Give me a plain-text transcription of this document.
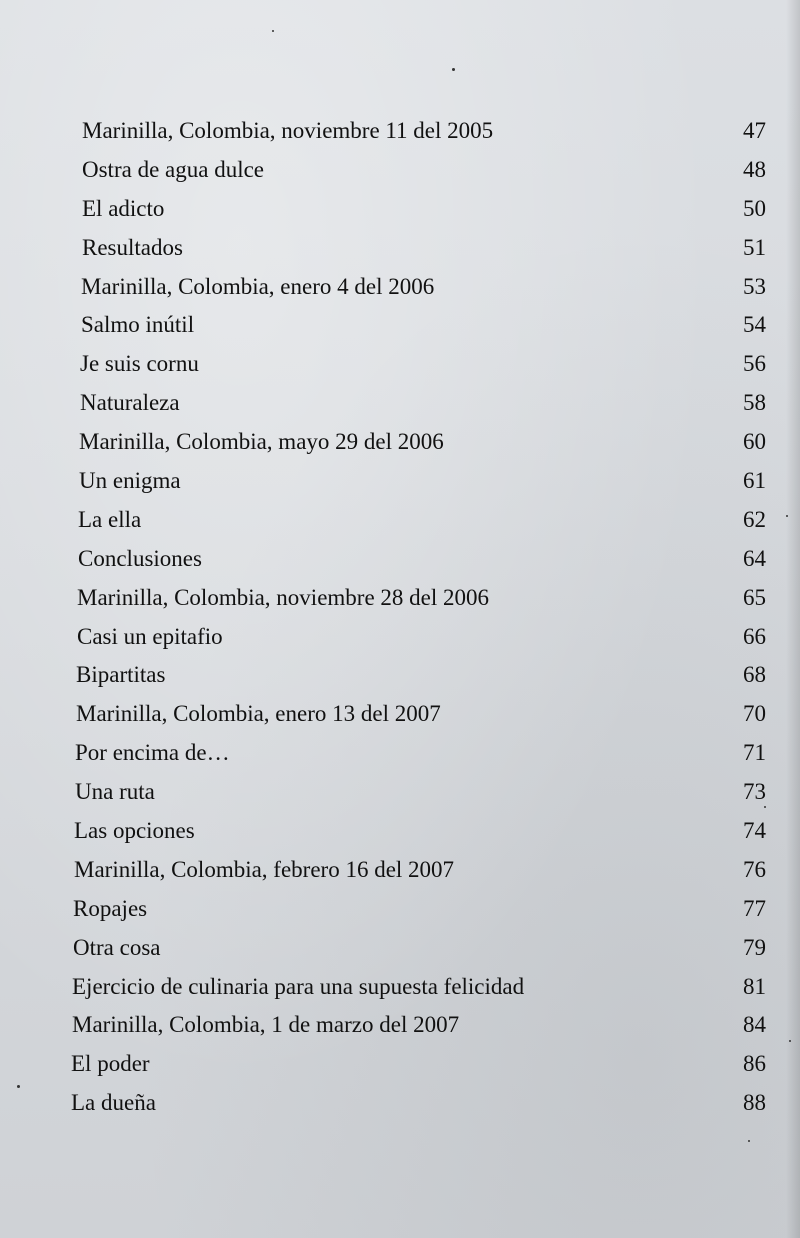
Marinilla, Colombia, noviembre 11 del 2005	47
Ostra de agua dulce	48
El adicto	50
Resultados	51
Marinilla, Colombia, enero 4 del 2006	53
Salmo inútil	54
Je suis cornu	56
Naturaleza	58
Marinilla, Colombia, mayo 29 del 2006	60
Un enigma	61
La ella	62
Conclusiones	64
Marinilla, Colombia, noviembre 28 del 2006	65
Casi un epitafio	66
Bipartitas	68
Marinilla, Colombia, enero 13 del 2007	70
Por encima de…	71
Una ruta	73
Las opciones	74
Marinilla, Colombia, febrero 16 del 2007	76
Ropajes	77
Otra cosa	79
Ejercicio de culinaria para una supuesta felicidad	81
Marinilla, Colombia, 1 de marzo del 2007	84
El poder	86
La dueña	88
